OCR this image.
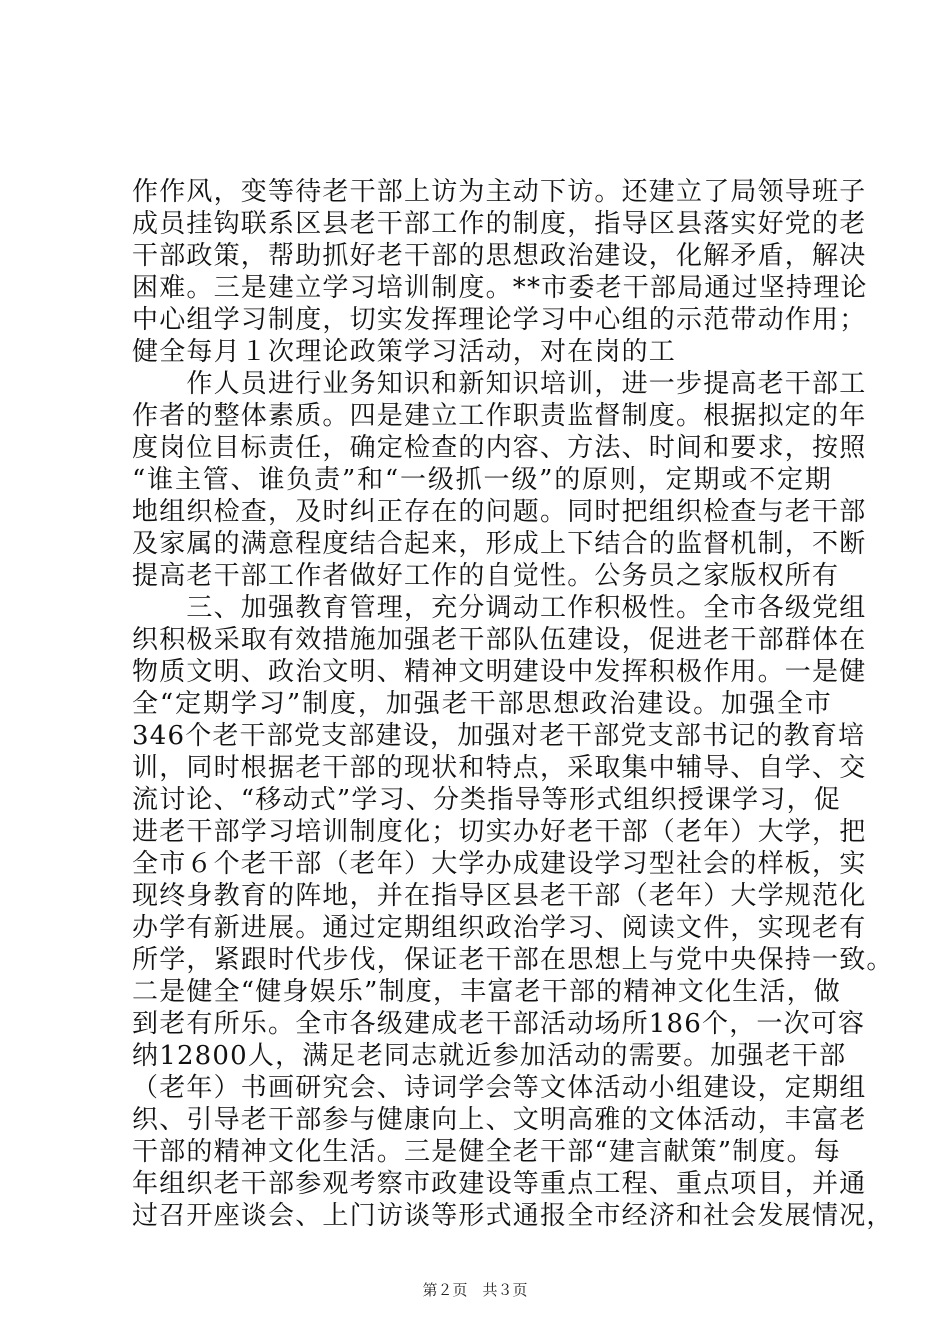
作作风，变等待老干部上访为主动下访。还建立了局领导班子
成员挂钩联系区县老干部工作的制度，指导区县落实好党的老
干部政策，帮助抓好老干部的思想政治建设，化解矛盾，解决
困难。三是建立学习培训制度。**市委老干部局通过坚持理论
中心组学习制度，切实发挥理论学习中心组的示范带动作用；
健全每月１次理论政策学习活动，对在岗的工
　　作人员进行业务知识和新知识培训，进一步提高老干部工
作者的整体素质。四是建立工作职责监督制度。根据拟定的年
度岗位目标责任，确定检查的内容、方法、时间和要求，按照
“谁主管、谁负责”和“一级抓一级”的原则，定期或不定期
地组织检查，及时纠正存在的问题。同时把组织检查与老干部
及家属的满意程度结合起来，形成上下结合的监督机制，不断
提高老干部工作者做好工作的自觉性。公务员之家版权所有
　　三、加强教育管理，充分调动工作积极性。全市各级党组
织积极采取有效措施加强老干部队伍建设，促进老干部群体在
物质文明、政治文明、精神文明建设中发挥积极作用。一是健
全“定期学习”制度，加强老干部思想政治建设。加强全市
346个老干部党支部建设，加强对老干部党支部书记的教育培
训，同时根据老干部的现状和特点，采取集中辅导、自学、交
流讨论、“移动式”学习、分类指导等形式组织授课学习，促
进老干部学习培训制度化；切实办好老干部（老年）大学，把
全市６个老干部（老年）大学办成建设学习型社会的样板，实
现终身教育的阵地，并在指导区县老干部（老年）大学规范化
办学有新进展。通过定期组织政治学习、阅读文件，实现老有
所学，紧跟时代步伐，保证老干部在思想上与党中央保持一致。
二是健全“健身娱乐”制度，丰富老干部的精神文化生活，做
到老有所乐。全市各级建成老干部活动场所186个，一次可容
纳12800人，满足老同志就近参加活动的需要。加强老干部
（老年）书画研究会、诗词学会等文体活动小组建设，定期组
织、引导老干部参与健康向上、文明高雅的文体活动，丰富老
干部的精神文化生活。三是健全老干部“建言献策”制度。每
年组织老干部参观考察市政建设等重点工程、重点项目，并通
过召开座谈会、上门访谈等形式通报全市经济和社会发展情况，
第２页　共３页
